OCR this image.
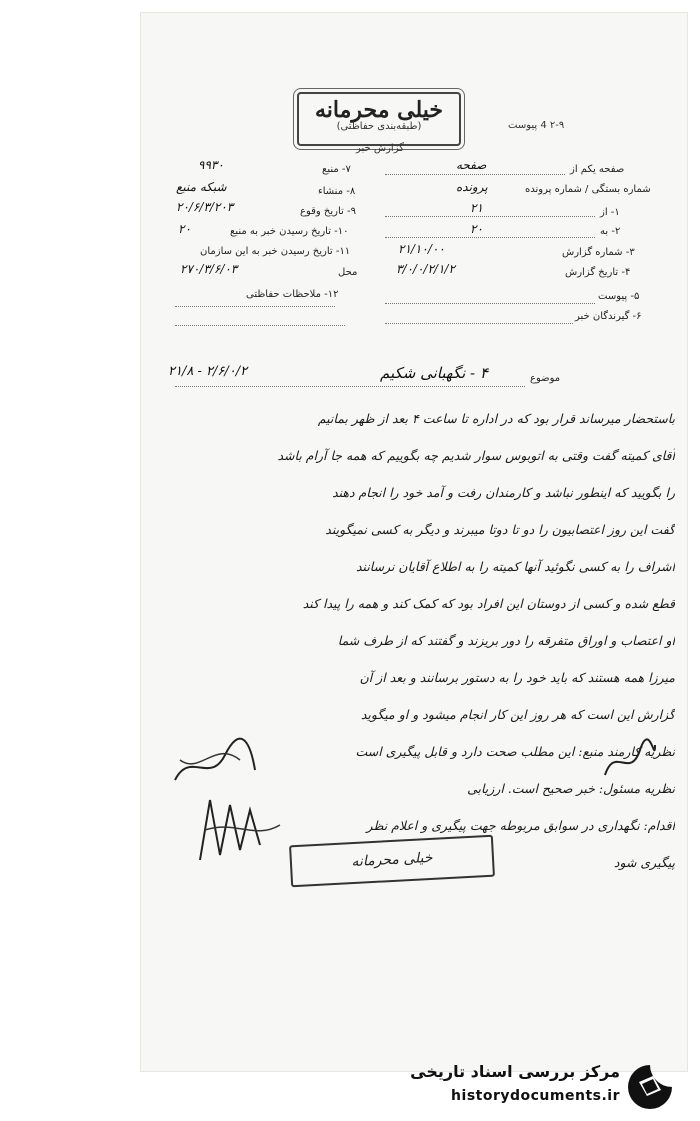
خیلی محرمانه
(طبقه‌بندی حفاظتی)	۲-۹ 4 پیوست
گزارش خبر
صفحه یکم از
شماره بستگی / شماره پرونده
۱- از
۲- به
۳- شماره گزارش
۴- تاریخ گزارش
۵- پیوست
۶- گیرندگان خبر
صفحه
پرونده
۲۱
۲۰
۲۱/۱۰/۰۰
۳/۰/۰/۲/۱/۲
۷- منبع
۸- منشاء
۹- تاریخ وقوع
۱۰- تاریخ رسیدن خبر به منبع
۱۱- تاریخ رسیدن خبر به این سازمان
محل
۱۲- ملاحظات حفاظتی
۹۹۳۰
شبکه منبع
۲۰/۶/۳/۲۰۳
۲۰
۲۷۰/۳/۶/۰۳
موضوع
۴ - نگهبانی شکیم
۲۱/۸ - ۲/۶/۰/۲
باستحضار میرساند قرار بود که در اداره تا ساعت ۴ بعد از ظهر بمانیم
آقای کمیته گفت وقتی به اتوبوس سوار شدیم چه بگوییم که همه جا آرام باشد
را بگویید که اینطور نباشد و کارمندان رفت و آمد خود را انجام دهند
گفت این روز اعتصابیون را دو تا دوتا میبرند و دیگر به کسی نمیگویند
اشراف را به کسی نگوئید آنها کمیته را به اطلاع آقایان نرسانند
قطع شده و کسی از دوستان این افراد بود که کمک کند و همه را پیدا کند
او اعتصاب و اوراق متفرقه را دور بریزند و گفتند که از طرف شما
میرزا همه هستند که باید خود را به دستور برسانند و بعد از آن
گزارش این است که هر روز این کار انجام میشود و او میگوید
نظریه کارمند منبع: این مطلب صحت دارد و قابل پیگیری است
نظریه مسئول: خبر صحیح است. ارزیابی
اقدام: نگهداری در سوابق مربوطه جهت پیگیری و اعلام نظر
پیگیری شود
خیلی محرمانه
مرکز بررسی اسناد تاریخی
historydocuments.ir
